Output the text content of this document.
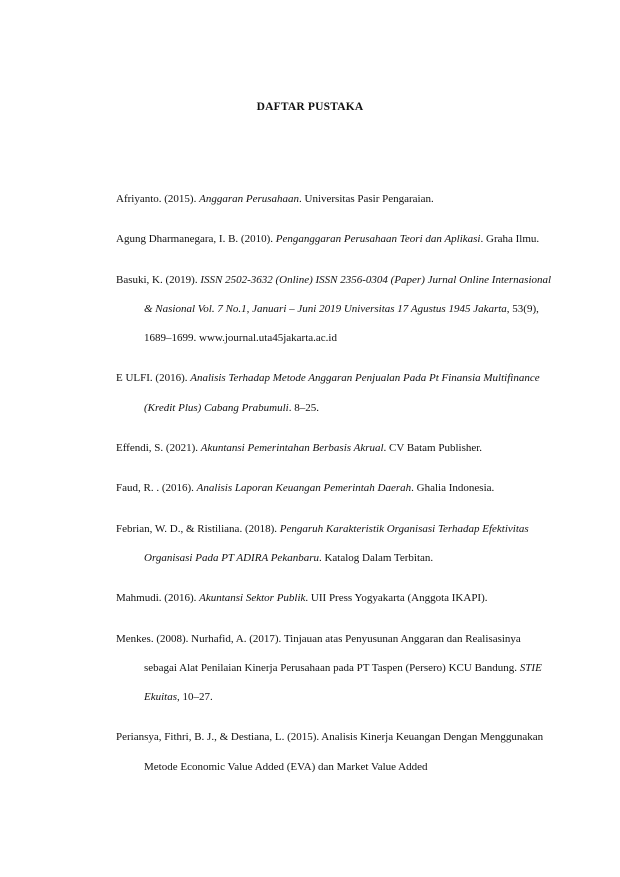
DAFTAR PUSTAKA

Afriyanto. (2015). Anggaran Perusahaan. Universitas Pasir Pengaraian.

Agung Dharmanegara, I. B. (2010). Penganggaran Perusahaan Teori dan Aplikasi. Graha Ilmu.

Basuki, K. (2019). ISSN 2502-3632 (Online) ISSN 2356-0304 (Paper) Jurnal Online Internasional & Nasional Vol. 7 No.1, Januari – Juni 2019 Universitas 17 Agustus 1945 Jakarta, 53(9), 1689–1699. www.journal.uta45jakarta.ac.id

E ULFI. (2016). Analisis Terhadap Metode Anggaran Penjualan Pada Pt Finansia Multifinance (Kredit Plus) Cabang Prabumuli. 8–25.

Effendi, S. (2021). Akuntansi Pemerintahan Berbasis Akrual. CV Batam Publisher.

Faud, R. . (2016). Analisis Laporan Keuangan Pemerintah Daerah. Ghalia Indonesia.

Febrian, W. D., & Ristiliana. (2018). Pengaruh Karakteristik Organisasi Terhadap Efektivitas Organisasi Pada PT ADIRA Pekanbaru. Katalog Dalam Terbitan.

Mahmudi. (2016). Akuntansi Sektor Publik. UII Press Yogyakarta (Anggota IKAPI).

Menkes. (2008). Nurhafid, A. (2017). Tinjauan atas Penyusunan Anggaran dan Realisasinya sebagai Alat Penilaian Kinerja Perusahaan pada PT Taspen (Persero) KCU Bandung. STIE Ekuitas, 10–27.

Periansya, Fithri, B. J., & Destiana, L. (2015). Analisis Kinerja Keuangan Dengan Menggunakan Metode Economic Value Added (EVA) dan Market Value Added
